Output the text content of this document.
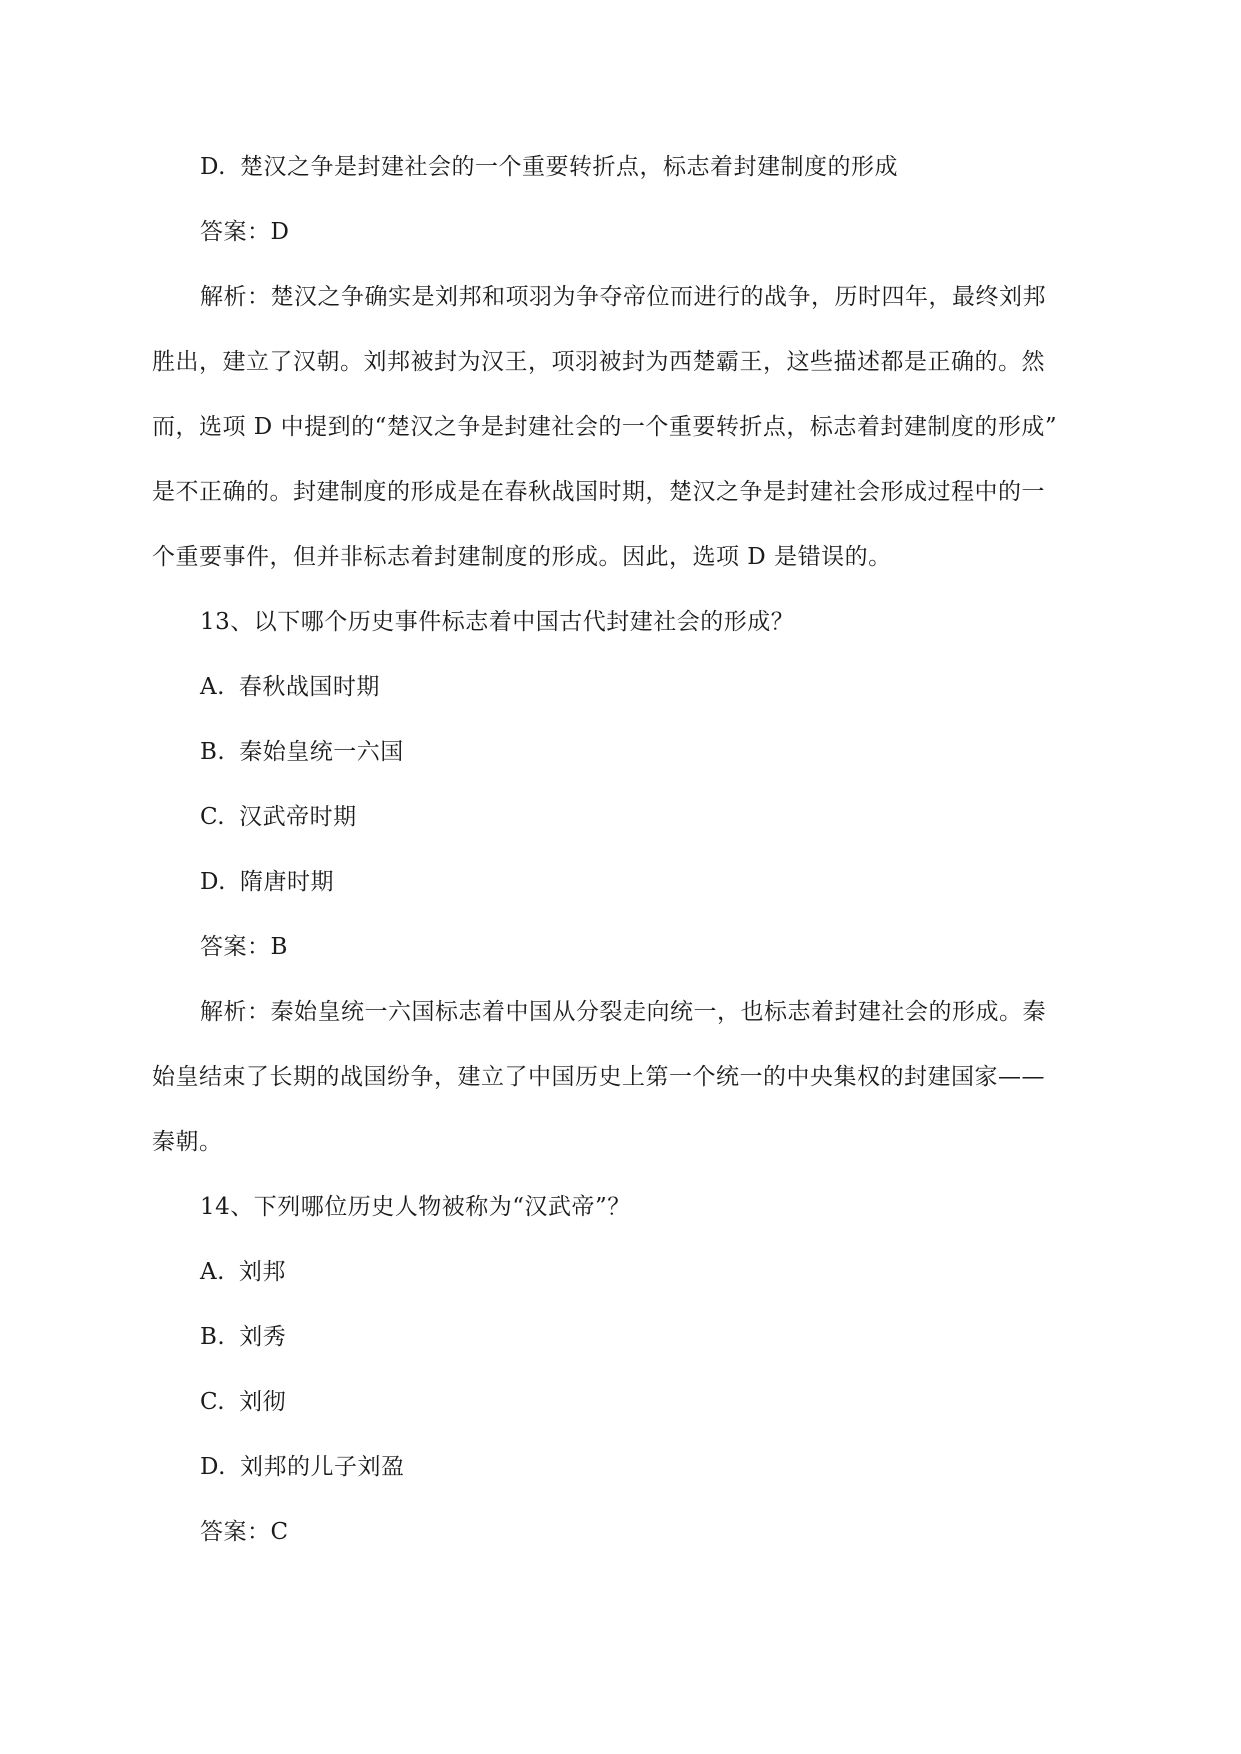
D. 楚汉之争是封建社会的一个重要转折点，标志着封建制度的形成
答案：D
解析：楚汉之争确实是刘邦和项羽为争夺帝位而进行的战争，历时四年，最终刘邦
胜出，建立了汉朝。刘邦被封为汉王，项羽被封为西楚霸王，这些描述都是正确的。然
而，选项 D 中提到的“楚汉之争是封建社会的一个重要转折点，标志着封建制度的形成”
是不正确的。封建制度的形成是在春秋战国时期，楚汉之争是封建社会形成过程中的一
个重要事件，但并非标志着封建制度的形成。因此，选项 D 是错误的。
13、以下哪个历史事件标志着中国古代封建社会的形成？
A. 春秋战国时期
B. 秦始皇统一六国
C. 汉武帝时期
D. 隋唐时期
答案：B
解析：秦始皇统一六国标志着中国从分裂走向统一，也标志着封建社会的形成。秦
始皇结束了长期的战国纷争，建立了中国历史上第一个统一的中央集权的封建国家——
秦朝。
14、下列哪位历史人物被称为“汉武帝”？
A. 刘邦
B. 刘秀
C. 刘彻
D. 刘邦的儿子刘盈
答案：C
